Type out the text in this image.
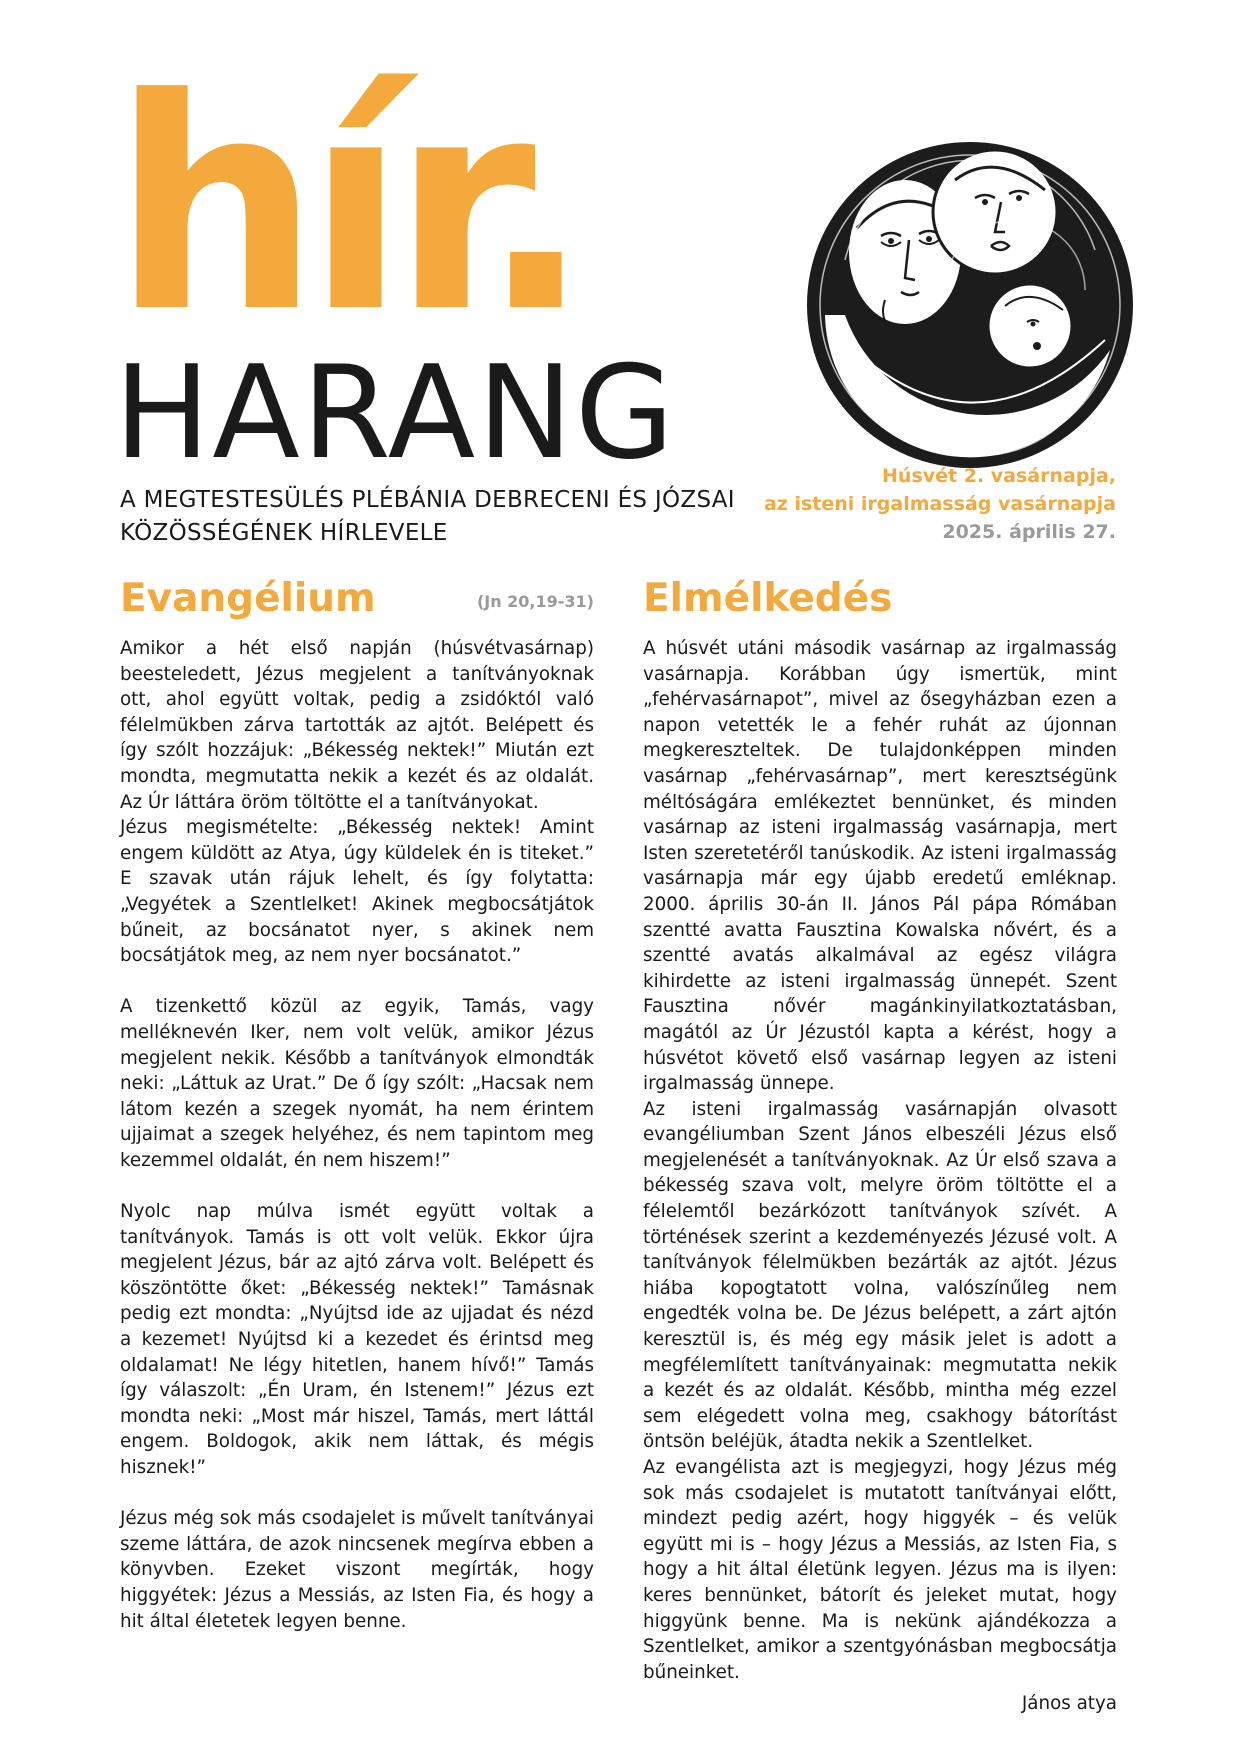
hír.
HARANG
A MEGTESTESÜLÉS PLÉBÁNIA DEBRECENI ÉS JÓZSAI
KÖZÖSSÉGÉNEK HÍRLEVELE
Húsvét 2. vasárnapja,
az isteni irgalmasság vasárnapja
2025. április 27.
Evangélium	(Jn 20,19-31)

Amikor a hét első napján (húsvétvasárnap) beesteledett, Jézus megjelent a tanítványoknak ott, ahol együtt voltak, pedig a zsidóktól való félelmükben zárva tartották az ajtót. Belépett és így szólt hozzájuk: „Békesség nektek!” Miután ezt mondta, megmutatta nekik a kezét és az oldalát. Az Úr láttára öröm töltötte el a tanítványokat.

Jézus megismételte: „Békesség nektek! Amint engem küldött az Atya, úgy küldelek én is titeket.” E szavak után rájuk lehelt, és így folytatta: „Vegyétek a Szentlelket! Akinek megbocsátjátok bűneit, az bocsánatot nyer, s akinek nem bocsátjátok meg, az nem nyer bocsánatot.”

A tizenkettő közül az egyik, Tamás, vagy melléknevén Iker, nem volt velük, amikor Jézus megjelent nekik. Később a tanítványok elmondták neki: „Láttuk az Urat.” De ő így szólt: „Hacsak nem látom kezén a szegek nyomát, ha nem érintem ujjaimat a szegek helyéhez, és nem tapintom meg kezemmel oldalát, én nem hiszem!”

Nyolc nap múlva ismét együtt voltak a tanítványok. Tamás is ott volt velük. Ekkor újra megjelent Jézus, bár az ajtó zárva volt. Belépett és köszöntötte őket: „Békesség nektek!” Tamásnak pedig ezt mondta: „Nyújtsd ide az ujjadat és nézd a kezemet! Nyújtsd ki a kezedet és érintsd meg oldalamat! Ne légy hitetlen, hanem hívő!” Tamás így válaszolt: „Én Uram, én Istenem!” Jézus ezt mondta neki: „Most már hiszel, Tamás, mert láttál engem. Boldogok, akik nem láttak, és mégis hisznek!”

Jézus még sok más csodajelet is művelt tanítványai szeme láttára, de azok nincsenek megírva ebben a könyvben. Ezeket viszont megírták, hogy higgyétek: Jézus a Messiás, az Isten Fia, és hogy a hit által életetek legyen benne.

Elmélkedés

A húsvét utáni második vasárnap az irgalmasság vasárnapja. Korábban úgy ismertük, mint „fehérvasárnapot”, mivel az ősegyházban ezen a napon vetették le a fehér ruhát az újonnan megkereszteltek. De tulajdonképpen minden vasárnap „fehérvasárnap”, mert keresztségünk méltóságára emlékeztet bennünket, és minden vasárnap az isteni irgalmasság vasárnapja, mert Isten szeretetéről tanúskodik. Az isteni irgalmasság vasárnapja már egy újabb eredetű emléknap. 2000. április 30-án II. János Pál pápa Rómában szentté avatta Fausztina Kowalska nővért, és a szentté avatás alkalmával az egész világra kihirdette az isteni irgalmasság ünnepét. Szent Fausztina nővér magánkinyilatkoztatásban, magától az Úr Jézustól kapta a kérést, hogy a húsvétot követő első vasárnap legyen az isteni irgalmasság ünnepe.

Az isteni irgalmasság vasárnapján olvasott evangéliumban Szent János elbeszéli Jézus első megjelenését a tanítványoknak. Az Úr első szava a békesség szava volt, melyre öröm töltötte el a félelemtől bezárkózott tanítványok szívét. A történések szerint a kezdeményezés Jézusé volt. A tanítványok félelmükben bezárták az ajtót. Jézus hiába kopogtatott volna, valószínűleg nem engedték volna be. De Jézus belépett, a zárt ajtón keresztül is, és még egy másik jelet is adott a megfélemlített tanítványainak: megmutatta nekik a kezét és az oldalát. Később, mintha még ezzel sem elégedett volna meg, csakhogy bátorítást öntsön beléjük, átadta nekik a Szentlelket.

Az evangélista azt is megjegyzi, hogy Jézus még sok más csodajelet is mutatott tanítványai előtt, mindezt pedig azért, hogy higgyék – és velük együtt mi is – hogy Jézus a Messiás, az Isten Fia, s hogy a hit által életünk legyen. Jézus ma is ilyen: keres bennünket, bátorít és jeleket mutat, hogy higgyünk benne. Ma is nekünk ajándékozza a Szentlelket, amikor a szentgyónásban megbocsátja bűneinket.

János atya
